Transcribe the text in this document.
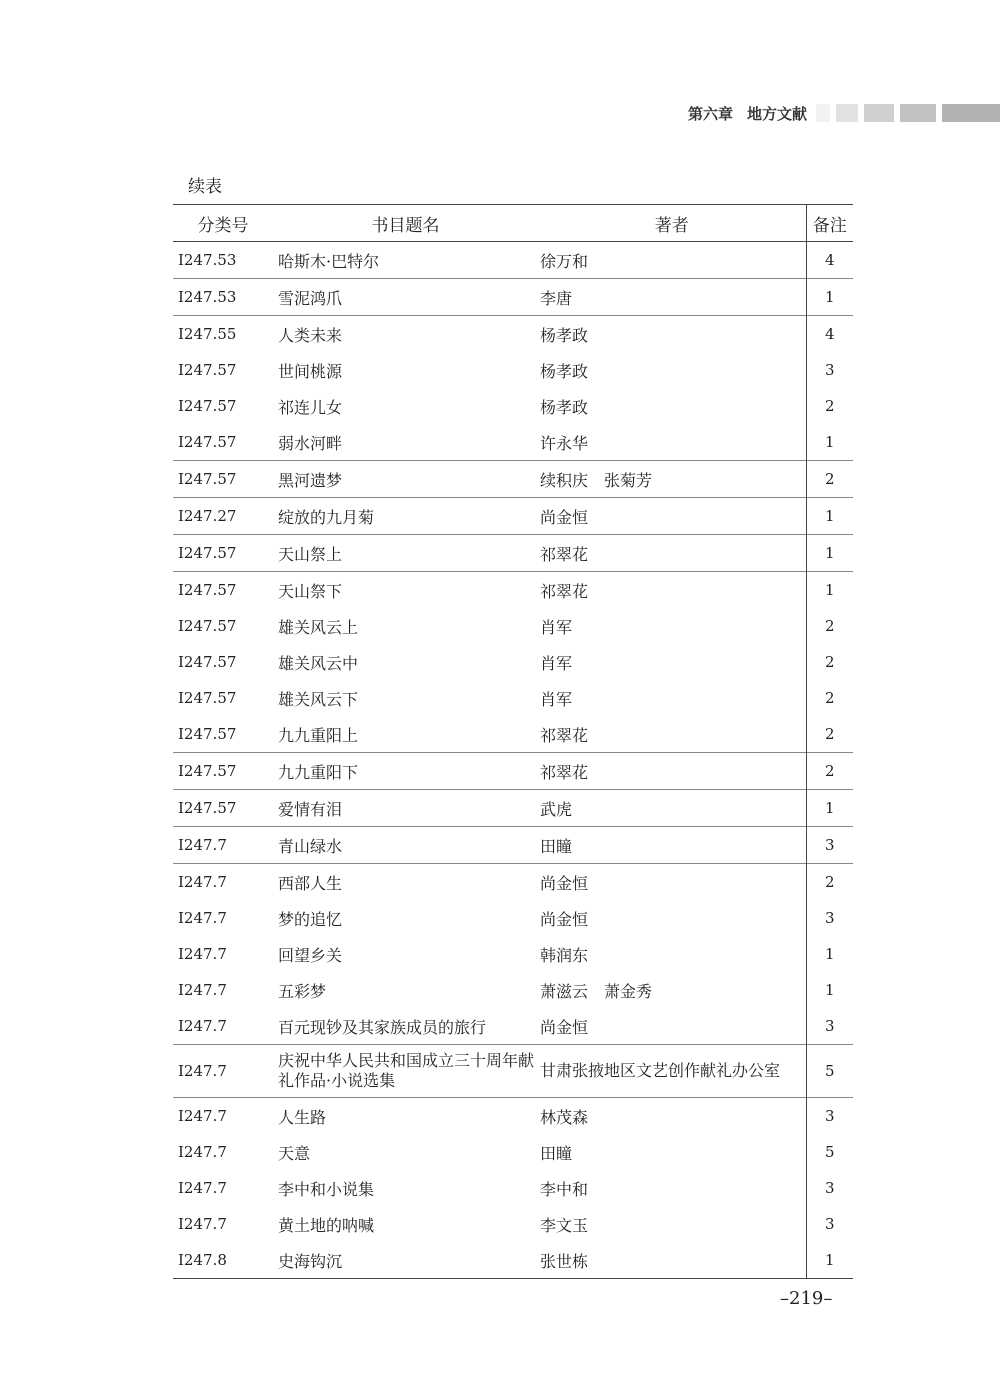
第六章 地方文献
续表
分类号	书目题名	著者	备注
I247.53	哈斯木·巴特尔	徐万和	4
I247.53	雪泥鸿爪	李唐	1
I247.55	人类未来	杨孝政	4
I247.57	世间桃源	杨孝政	3
I247.57	祁连儿女	杨孝政	2
I247.57	弱水河畔	许永华	1
I247.57	黑河遗梦	续积庆　张菊芳	2
I247.27	绽放的九月菊	尚金恒	1
I247.57	天山祭上	祁翠花	1
I247.57	天山祭下	祁翠花	1
I247.57	雄关风云上	肖军	2
I247.57	雄关风云中	肖军	2
I247.57	雄关风云下	肖军	2
I247.57	九九重阳上	祁翠花	2
I247.57	九九重阳下	祁翠花	2
I247.57	爱情有泪	武虎	1
I247.7	青山绿水	田瞳	3
I247.7	西部人生	尚金恒	2
I247.7	梦的追忆	尚金恒	3
I247.7	回望乡关	韩润东	1
I247.7	五彩梦	萧滋云　萧金秀	1
I247.7	百元现钞及其家族成员的旅行	尚金恒	3
I247.7	庆祝中华人民共和国成立三十周年献礼作品·小说选集	甘肃张掖地区文艺创作献礼办公室	5
I247.7	人生路	林茂森	3
I247.7	天意	田瞳	5
I247.7	李中和小说集	李中和	3
I247.7	黄土地的呐喊	李文玉	3
I247.8	史海钩沉	张世栋	1
–219–
